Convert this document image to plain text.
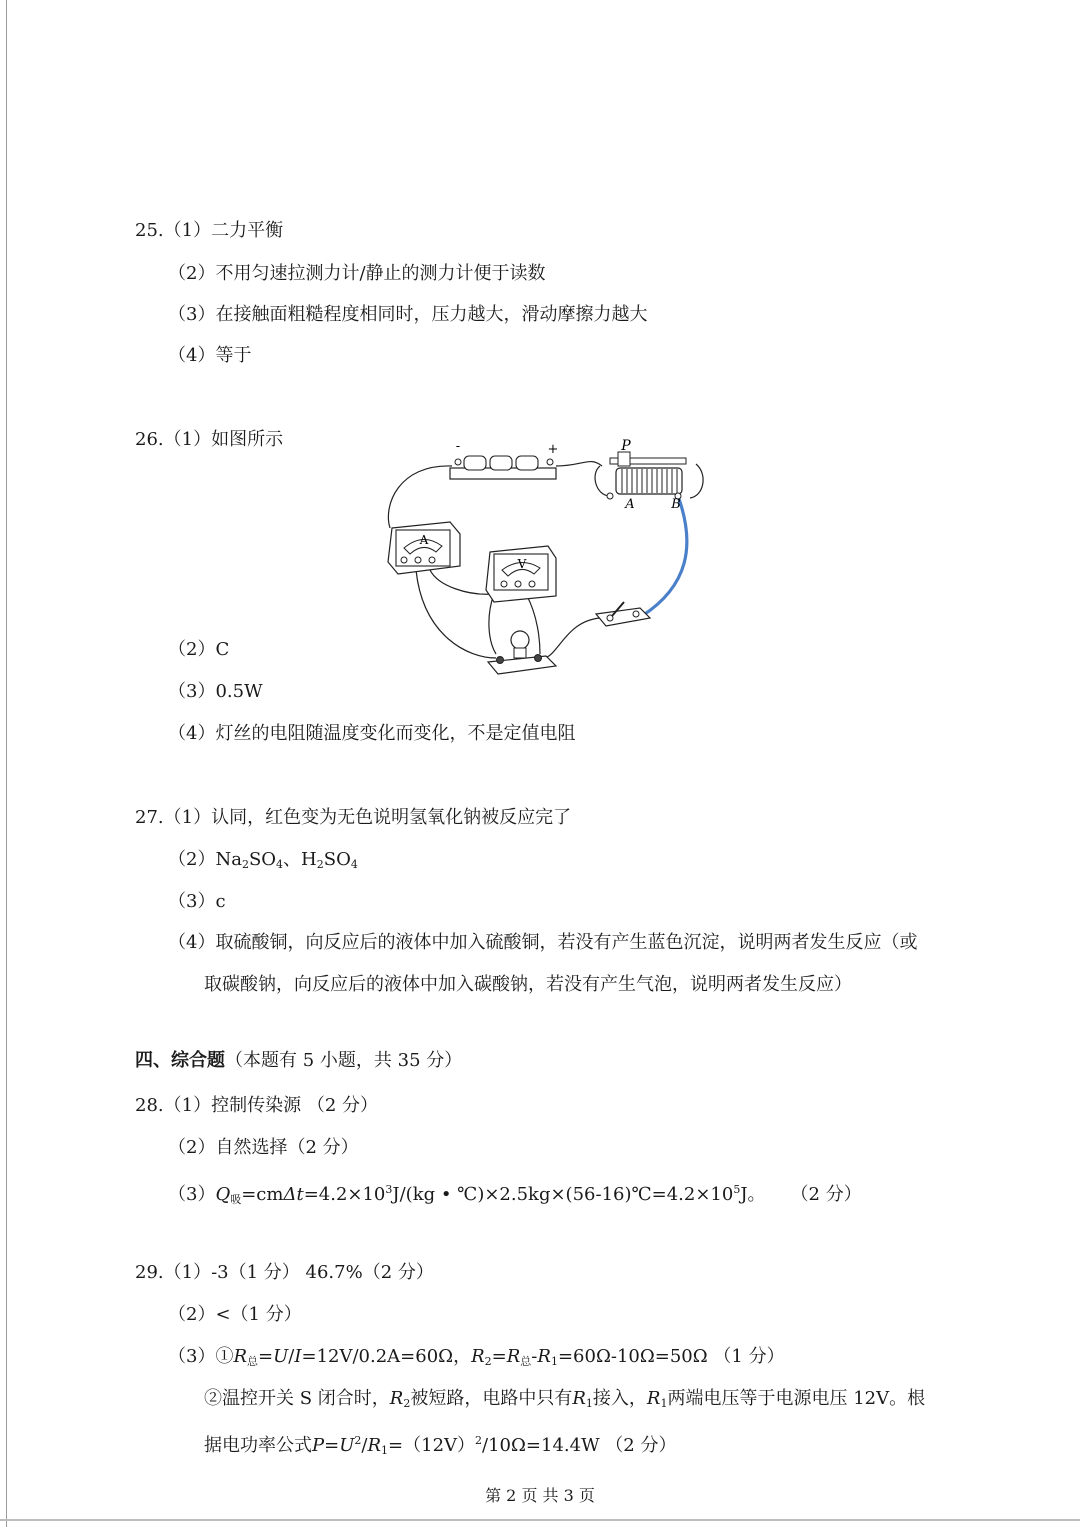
25.（1）二力平衡
（2）不用匀速拉测力计/静止的测力计便于读数
（3）在接触面粗糙程度相同时，压力越大，滑动摩擦力越大
（4）等于
26.（1）如图所示	-	+	P
A	B
A
V
（2）C
（3）0.5W
（4）灯丝的电阻随温度变化而变化，不是定值电阻
27.（1）认同，红色变为无色说明氢氧化钠被反应完了
$(2)Na_2SO_4$、$H_2SO_4$
（3）c
（4）取硫酸铜，向反应后的液体中加入硫酸铜，若没有产生蓝色沉淀，说明两者发生反应（或
取碳酸钠，向反应后的液体中加入碳酸钠，若没有产生气泡，说明两者发生反应）
四、综合题（本题有 5 小题，共 35 分）
28.（1）控制传染源 （2 分）
（2）自然选择（2 分）
$(3)Q_吸=cm\Delta t=4.2\times 10^3J/(kg$ • $℃)\times 2.5kg\times(56-16)℃=4.2\times 10^5J$。 （2 分）
29.（1）-3（1 分） 46.7%（2 分）
（2）<（1 分）
$(3)①R_总=U/I=12V/0.2A=60\Omega$，$R_2=R_总-R_1=60\Omega-10\Omega=50\Omega$ （1 分）
②温控开关 S 闭合时，$R_2$被短路，电路中只有$R_1$接入，$R_1$两端电压等于电源电压 12V。根
据电功率公式$P=U^2/R_1=(12V)^2/10\Omega=14.4W$ （2 分）
第 2 页 共 3 页
